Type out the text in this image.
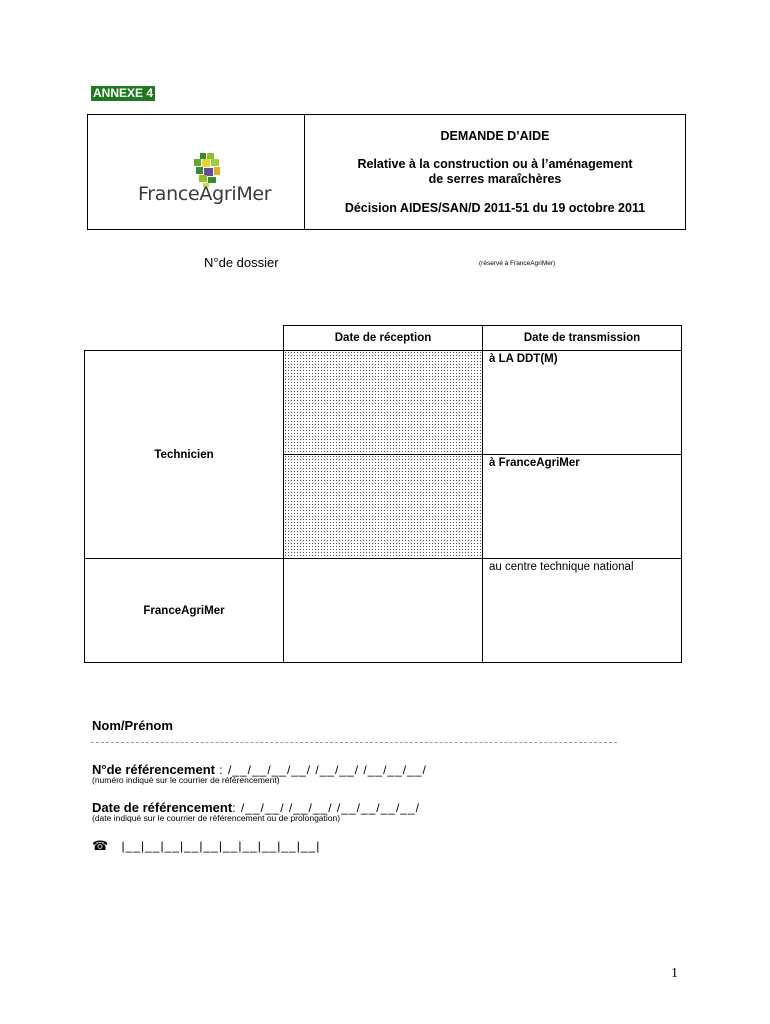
ANNEXE 4
FranceAgriMer
DEMANDE D’AIDE
Relative à la construction ou à l’aménagement
de serres maraîchères
Décision AIDES/SAN/D 2011-51 du 19 octobre 2011
N°de dossier	(réservé à FranceAgriMer)
Date de réception	Date de transmission
Technicien
à LA DDT(M)
à FranceAgriMer
FranceAgriMer
au centre technique national
Nom/Prénom
N°de référencement : /__/__/__/__/ /__/__/ /__/__/__/
(numéro indiqué sur le courrier de référencement)
Date de référencement: /__/__/ /__/__/ /__/__/__/__/
(date indiqué sur le courrier de référencement ou de prolongation)
☎ |__|__|__|__|__|__|__|__|__|__|
1
